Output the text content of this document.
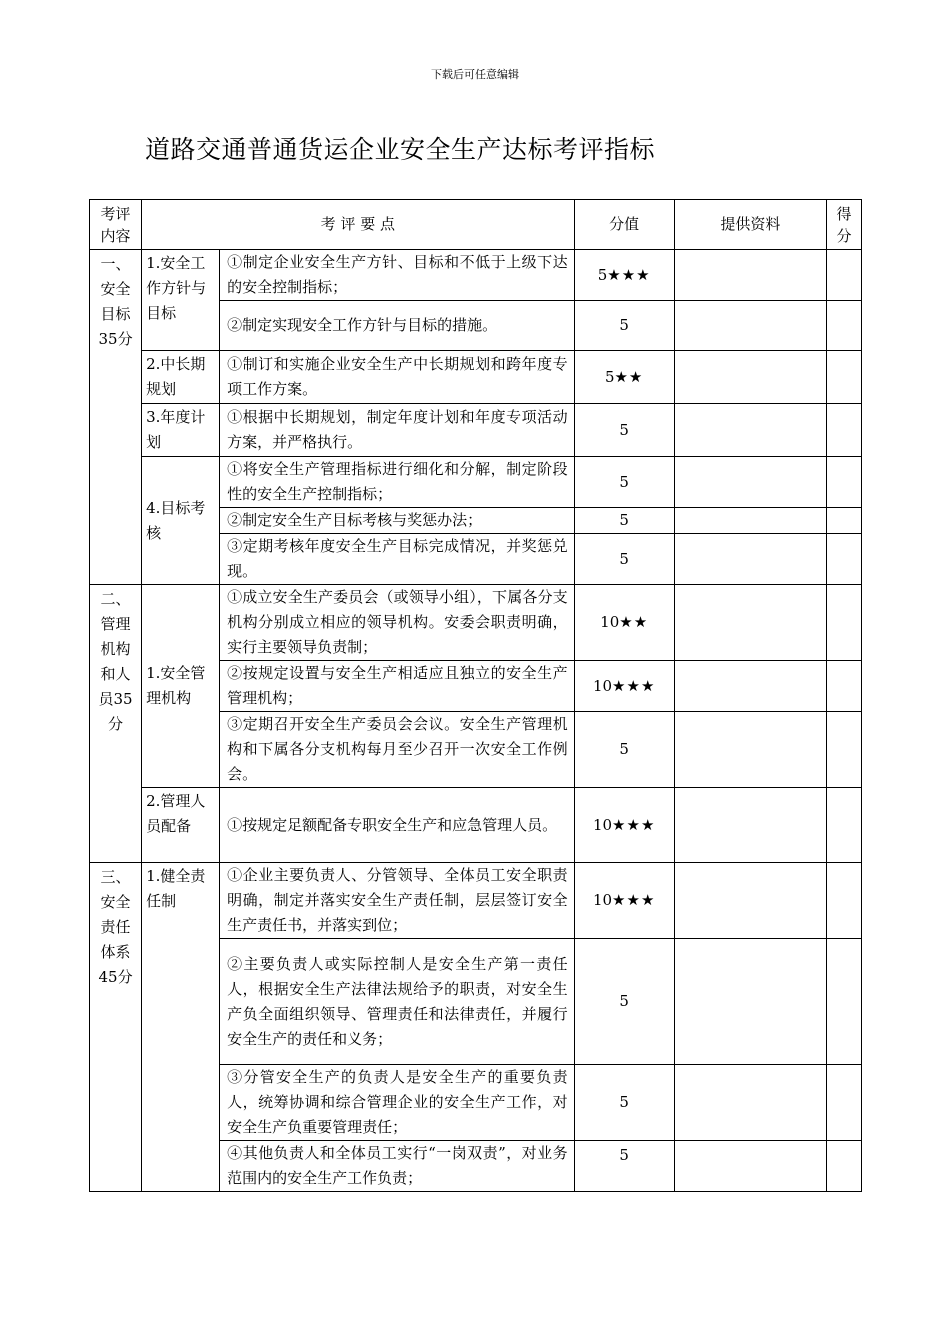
下载后可任意编辑
道路交通普通货运企业安全生产达标考评指标
考评内容	考 评 要 点		分值	提供资料	得分
一、安全目标35分	1.安全工作方针与目标	①制定企业安全生产方针、目标和不低于上级下达的安全控制指标；	5★★★		
		②制定实现安全工作方针与目标的措施。	5		
	2.中长期规划	①制订和实施企业安全生产中长期规划和跨年度专项工作方案。	5★★		
	3.年度计划	①根据中长期规划，制定年度计划和年度专项活动方案，并严格执行。	5		
	4.目标考核	①将安全生产管理指标进行细化和分解，制定阶段性的安全生产控制指标；	5		
		②制定安全生产目标考核与奖惩办法；	5		
		③定期考核年度安全生产目标完成情况，并奖惩兑现。	5		
二、管理机构和人员35分	1.安全管理机构	①成立安全生产委员会（或领导小组），下属各分支机构分别成立相应的领导机构。安委会职责明确，实行主要领导负责制；	10★★		
		②按规定设置与安全生产相适应且独立的安全生产管理机构；	10★★★		
		③定期召开安全生产委员会会议。安全生产管理机构和下属各分支机构每月至少召开一次安全工作例会。	5		
	2.管理人员配备	①按规定足额配备专职安全生产和应急管理人员。	10★★★		
三、安全责任体系45分	1.健全责任制	①企业主要负责人、分管领导、全体员工安全职责明确，制定并落实安全生产责任制，层层签订安全生产责任书，并落实到位；	10★★★		
		②主要负责人或实际控制人是安全生产第一责任人，根据安全生产法律法规给予的职责，对安全生产负全面组织领导、管理责任和法律责任，并履行安全生产的责任和义务；	5		
		③分管安全生产的负责人是安全生产的重要负责人，统筹协调和综合管理企业的安全生产工作，对安全生产负重要管理责任；	5		
		④其他负责人和全体员工实行“一岗双责”，对业务范围内的安全生产工作负责；	5		
